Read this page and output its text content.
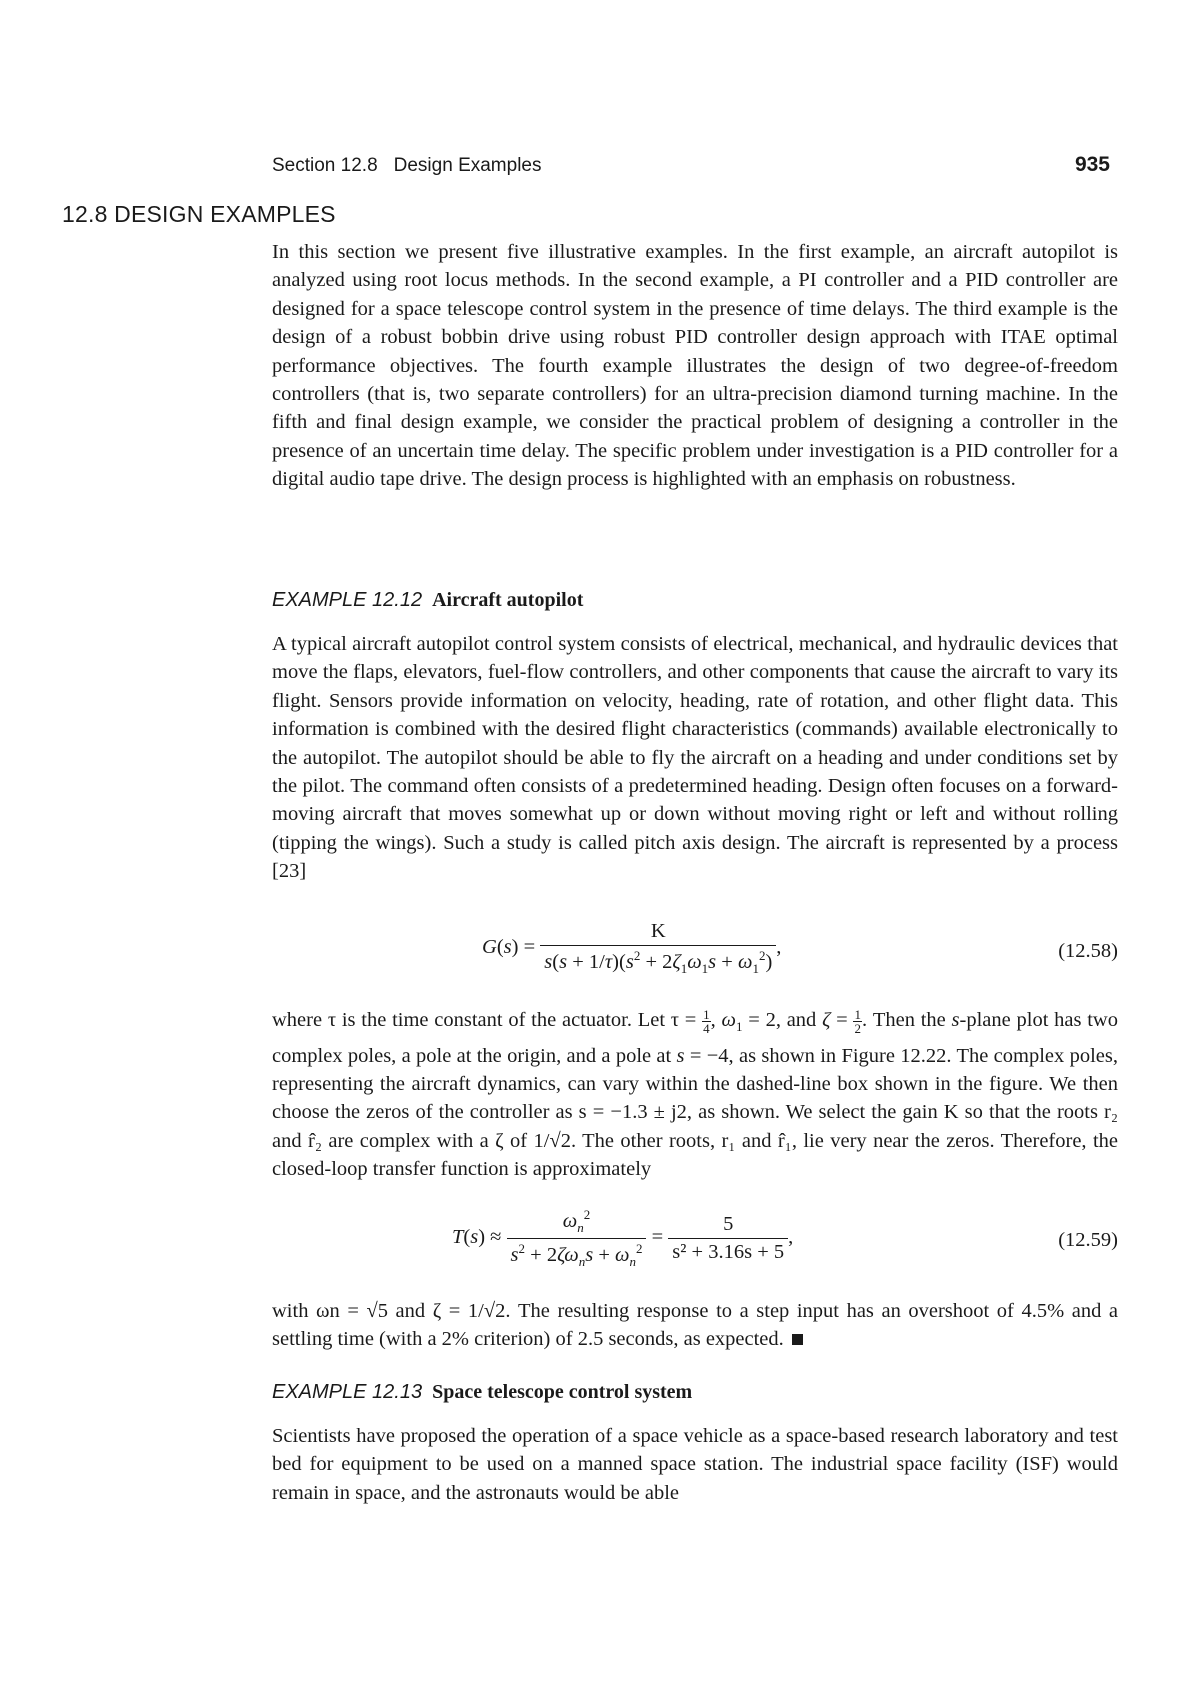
Section 12.8 Design Examples	935
12.8 DESIGN EXAMPLES

In this section we present five illustrative examples. In the first example, an aircraft autopilot is analyzed using root locus methods. In the second example, a PI controller and a PID controller are designed for a space telescope control system in the presence of time delays. The third example is the design of a robust bobbin drive using robust PID controller design approach with ITAE optimal performance objectives. The fourth example illustrates the design of two degree-of-freedom controllers (that is, two separate controllers) for an ultra-precision diamond turning machine. In the fifth and final design example, we consider the practical problem of designing a controller in the presence of an uncertain time delay. The specific problem under investigation is a PID controller for a digital audio tape drive. The design process is highlighted with an emphasis on robustness.

EXAMPLE 12.12 Aircraft autopilot

A typical aircraft autopilot control system consists of electrical, mechanical, and hydraulic devices that move the flaps, elevators, fuel-flow controllers, and other components that cause the aircraft to vary its flight. Sensors provide information on velocity, heading, rate of rotation, and other flight data. This information is combined with the desired flight characteristics (commands) available electronically to the autopilot. The autopilot should be able to fly the aircraft on a heading and under conditions set by the pilot. The command often consists of a predetermined heading. Design often focuses on a forward-moving aircraft that moves somewhat up or down without moving right or left and without rolling (tipping the wings). Such a study is called pitch axis design. The aircraft is represented by a process [23]

$G(s) = \frac{K}{s(s + 1/\tau)(s^2 + 2\zeta_1\omega_1s + \omega_1^2)}$ ,	(12.58)

where τ is the time constant of the actuator. Let $\tau = \frac{1}{4}$ , $\omega_1 = 2$, and $\zeta = \frac{1}{2}$ . Then the s-plane plot has two complex poles, a pole at the origin, and a pole at s = −4, as shown in Figure 12.22. The complex poles, representing the aircraft dynamics, can vary within the dashed-line box shown in the figure. We then choose the zeros of the controller as s = −1.3 ± j2, as shown. We select the gain K so that the roots r₂ and r̂₂ are complex with a ζ of 1/√2. The other roots, r₁ and r̂₁, lie very near the zeros. Therefore, the closed-loop transfer function is approximately

$T(s) \approx \frac{\omega_n^2}{s^2 + 2\zeta\omega_ns + \omega_n^2} = \frac{5}{\text{s² + 3.16s + 5}}$ ,	(12.59)

with ωn = √5 and ζ = 1/√2. The resulting response to a step input has an overshoot of 4.5% and a settling time (with a 2% criterion) of 2.5 seconds, as expected.

EXAMPLE 12.13 Space telescope control system

Scientists have proposed the operation of a space vehicle as a space-based research laboratory and test bed for equipment to be used on a manned space station. The industrial space facility (ISF) would remain in space, and the astronauts would be able
